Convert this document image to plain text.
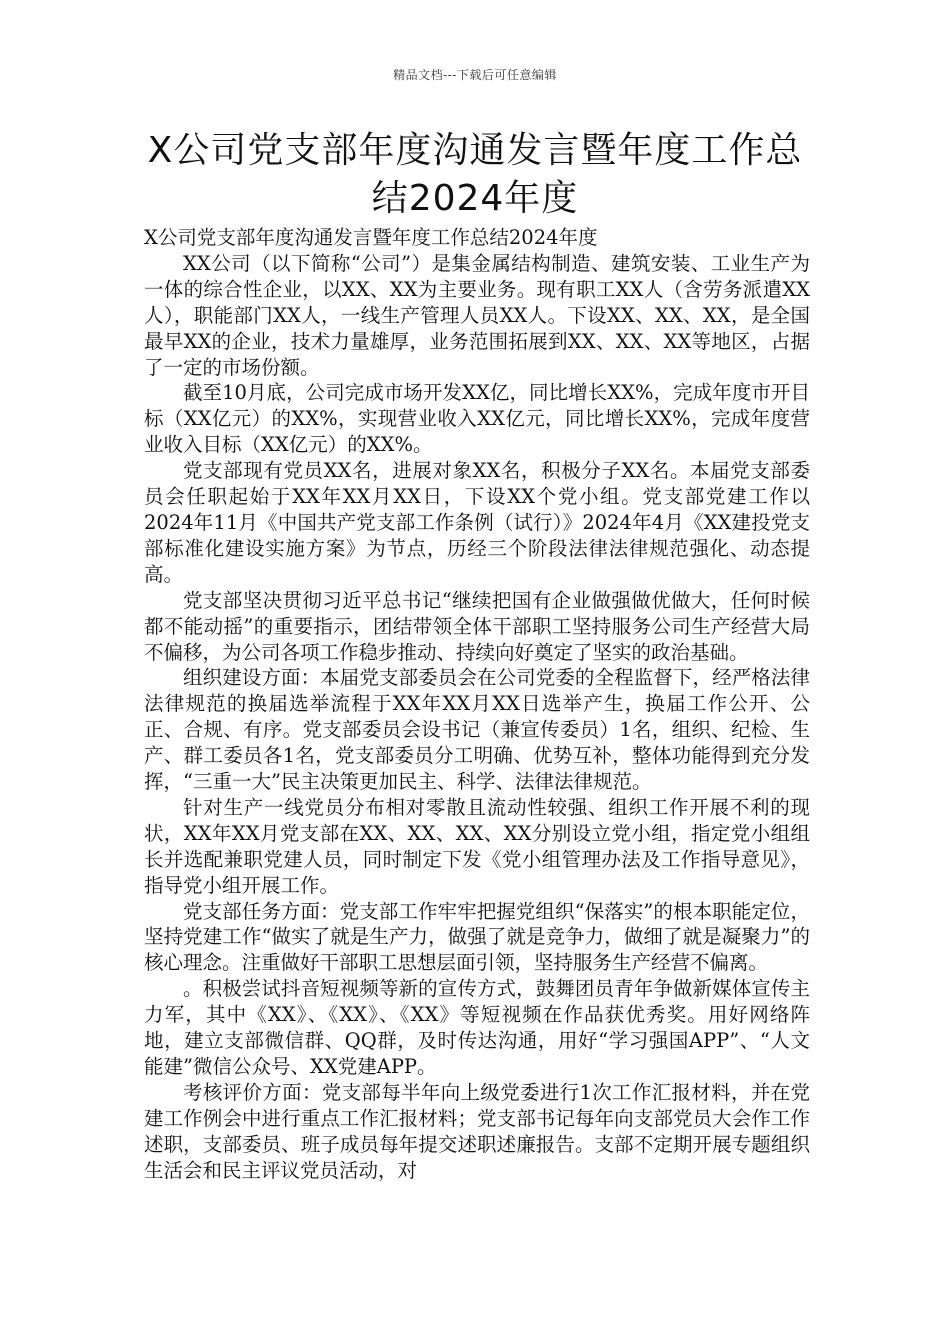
精品文档---下载后可任意编辑
X公司党支部年度沟通发言暨年度工作总结2024年度

X公司党支部年度沟通发言暨年度工作总结2024年度

XX公司（以下简称“公司”）是集金属结构制造、建筑安装、工业生产为一体的综合性企业，以XX、XX为主要业务。现有职工XX人（含劳务派遣XX人），职能部门XX人，一线生产管理人员XX人。下设XX、XX、XX，是全国最早XX的企业，技术力量雄厚，业务范围拓展到XX、XX、XX等地区，占据了一定的市场份额。

截至10月底，公司完成市场开发XX亿，同比增长XX%，完成年度市开目标（XX亿元）的XX%，实现营业收入XX亿元，同比增长XX%，完成年度营业收入目标（XX亿元）的XX%。

党支部现有党员XX名，进展对象XX名，积极分子XX名。本届党支部委员会任职起始于XX年XX月XX日，下设XX个党小组。党支部党建工作以2024年11月《中国共产党支部工作条例（试行）》2024年4月《XX建投党支部标准化建设实施方案》为节点，历经三个阶段法律法律规范强化、动态提高。

党支部坚决贯彻习近平总书记“继续把国有企业做强做优做大，任何时候都不能动摇”的重要指示，团结带领全体干部职工坚持服务公司生产经营大局不偏移，为公司各项工作稳步推动、持续向好奠定了坚实的政治基础。

组织建设方面：本届党支部委员会在公司党委的全程监督下，经严格法律法律规范的换届选举流程于XX年XX月XX日选举产生，换届工作公开、公正、合规、有序。党支部委员会设书记（兼宣传委员）1名，组织、纪检、生产、群工委员各1名，党支部委员分工明确、优势互补，整体功能得到充分发挥，“三重一大”民主决策更加民主、科学、法律法律规范。

针对生产一线党员分布相对零散且流动性较强、组织工作开展不利的现状，XX年XX月党支部在XX、XX、XX、XX分别设立党小组，指定党小组组长并选配兼职党建人员，同时制定下发《党小组管理办法及工作指导意见》，指导党小组开展工作。

党支部任务方面：党支部工作牢牢把握党组织“保落实”的根本职能定位，坚持党建工作“做实了就是生产力，做强了就是竞争力，做细了就是凝聚力”的核心理念。注重做好干部职工思想层面引领，坚持服务生产经营不偏离。

。积极尝试抖音短视频等新的宣传方式，鼓舞团员青年争做新媒体宣传主力军，其中《XX》、《XX》、《XX》等短视频在作品获优秀奖。用好网络阵地，建立支部微信群、QQ群，及时传达沟通，用好“学习强国APP”、“人文能建”微信公众号、XX党建APP。

考核评价方面：党支部每半年向上级党委进行1次工作汇报材料，并在党建工作例会中进行重点工作汇报材料；党支部书记每年向支部党员大会作工作述职，支部委员、班子成员每年提交述职述廉报告。支部不定期开展专题组织生活会和民主评议党员活动，对
